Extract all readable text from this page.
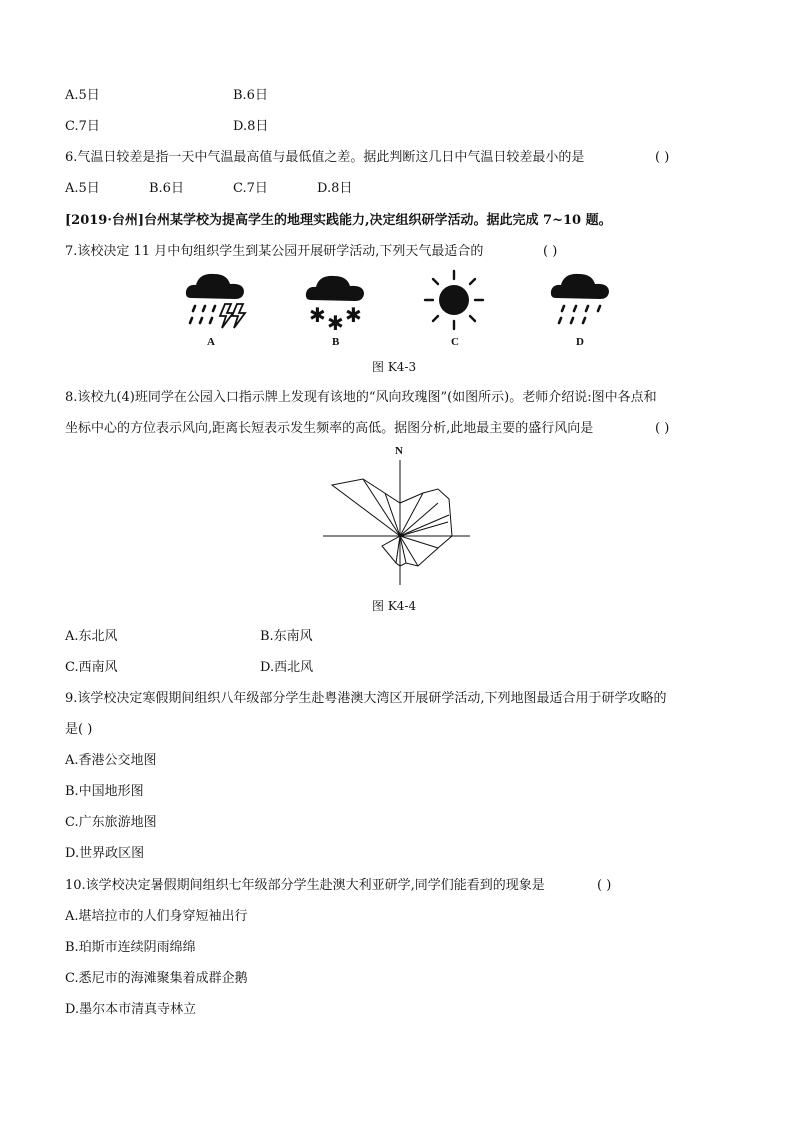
A.5日	B.6日
C.7日	D.8日
6.气温日较差是指一天中气温最高值与最低值之差。据此判断这几日中气温日较差最小的是	( )
A.5日	B.6日	C.7日	D.8日
[2019·台州]台州某学校为提高学生的地理实践能力,决定组织研学活动。据此完成 7~10 题。
7.该校决定 11 月中旬组织学生到某公园开展研学活动,下列天气最适合的	( )
✱ ✱ ✱
A	B	C	D
图 K4-3
8.该校九(4)班同学在公园入口指示牌上发现有该地的“风向玫瑰图”(如图所示)。老师介绍说:图中各点和
坐标中心的方位表示风向,距离长短表示发生频率的高低。据图分析,此地最主要的盛行风向是	( )
N
图 K4-4
A.东北风	B.东南风
C.西南风	D.西北风
9.该学校决定寒假期间组织八年级部分学生赴粤港澳大湾区开展研学活动,下列地图最适合用于研学攻略的
是( )
A.香港公交地图
B.中国地形图
C.广东旅游地图
D.世界政区图
10.该学校决定暑假期间组织七年级部分学生赴澳大利亚研学,同学们能看到的现象是	( )
A.堪培拉市的人们身穿短袖出行
B.珀斯市连续阴雨绵绵
C.悉尼市的海滩聚集着成群企鹅
D.墨尔本市清真寺林立
